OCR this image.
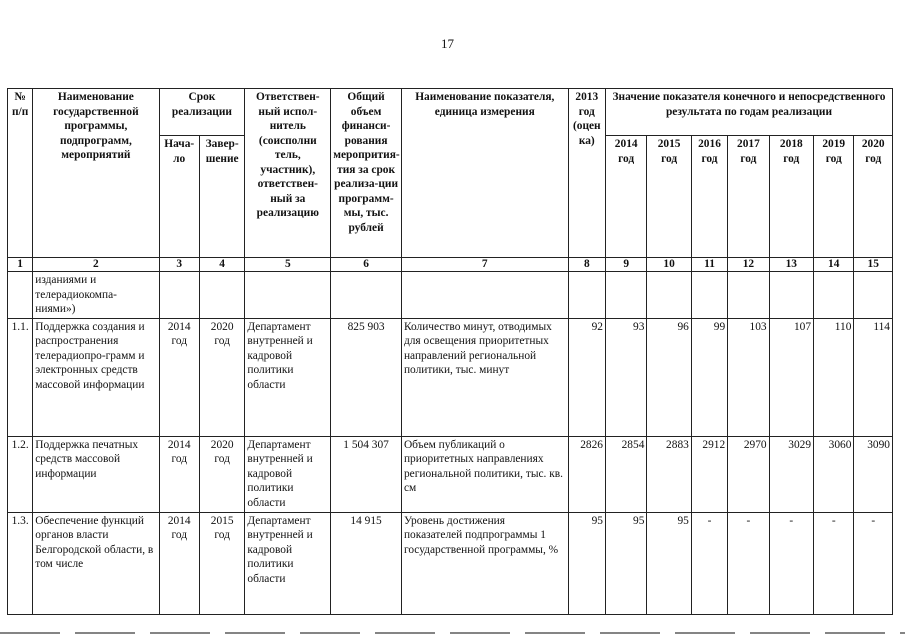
17
№ п/п	Наименование государственной программы, подпрограмм, мероприятий	Срок реализации		Ответствен-ный испол-нитель (соисполни тель, участник), ответствен-ный за реализацию	Общий объем финанси-рования меропрития-тия за срок реализа-ции программ-мы, тыс. рублей	Наименование показателя, единица измерения	2013 год (оцен ка)	Значение показателя конечного и непосредственного результата по годам реализации						
		Нача-ло	Завер-шение					2014 год	2015 год	2016 год	2017 год	2018 год	2019 год	2020 год
1	2	3	4	5	6	7	8	9	10	11	12	13	14	15
	изданиями и телерадиокомпа-ниями»)													
1.1.	Поддержка создания и распространения телерадиопро-грамм и электронных средств массовой информации	2014 год	2020 год	Департамент внутренней и кадровой политики области	825 903	Количество минут, отводимых для освещения приоритетных направлений региональной политики, тыс. минут	92	93	96	99	103	107	110	114
1.2.	Поддержка печатных средств массовой информации	2014 год	2020 год	Департамент внутренней и кадровой политики области	1 504 307	Объем публикаций о приоритетных направлениях региональной политики, тыс. кв. см	2826	2854	2883	2912	2970	3029	3060	3090
1.3.	Обеспечение функций органов власти Белгородской области, в том числе	2014 год	2015 год	Департамент внутренней и кадровой политики области	14 915	Уровень достижения показателей подпрограммы 1 государственной программы, %	95	95	95	-	-	-	-	-
